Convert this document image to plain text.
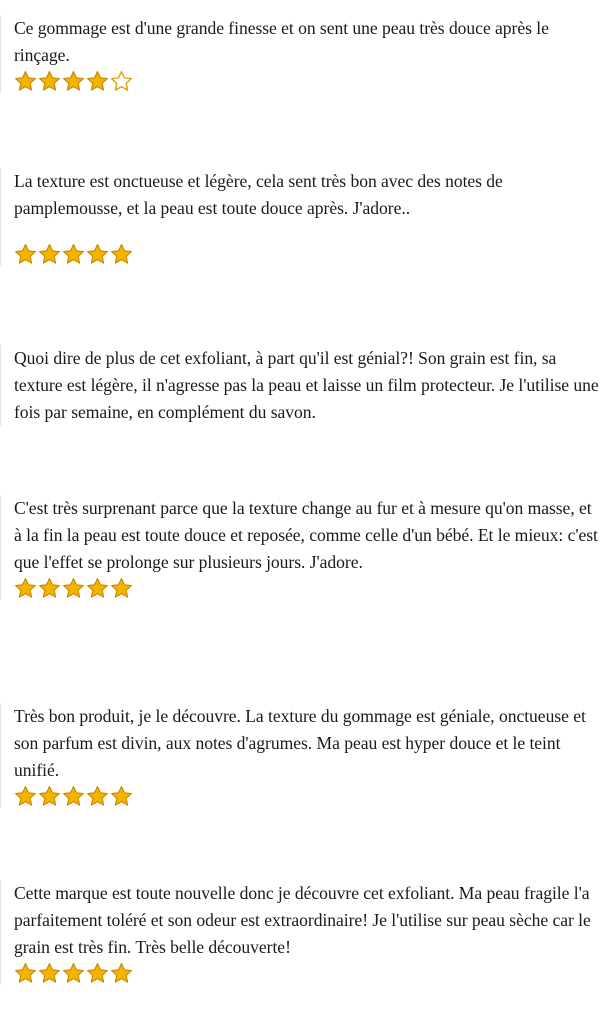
Ce gommage est d'une grande finesse et on sent une peau très douce après le rinçage.

La texture est onctueuse et légère, cela sent très bon avec des notes de pamplemousse, et la peau est toute douce après. J'adore..

Quoi dire de plus de cet exfoliant, à part qu'il est génial?! Son grain est fin, sa texture est légère, il n'agresse pas la peau et laisse un film protecteur. Je l'utilise une fois par semaine, en complément du savon.

C'est très surprenant parce que la texture change au fur et à mesure qu'on masse, et à la fin la peau est toute douce et reposée, comme celle d'un bébé. Et le mieux: c'est que l'effet se prolonge sur plusieurs jours. J'adore.

Très bon produit, je le découvre. La texture du gommage est géniale, onctueuse et son parfum est divin, aux notes d'agrumes. Ma peau est hyper douce et le teint unifié.

Cette marque est toute nouvelle donc je découvre cet exfoliant. Ma peau fragile l'a parfaitement toléré et son odeur est extraordinaire! Je l'utilise sur peau sèche car le grain est très fin. Très belle découverte!
